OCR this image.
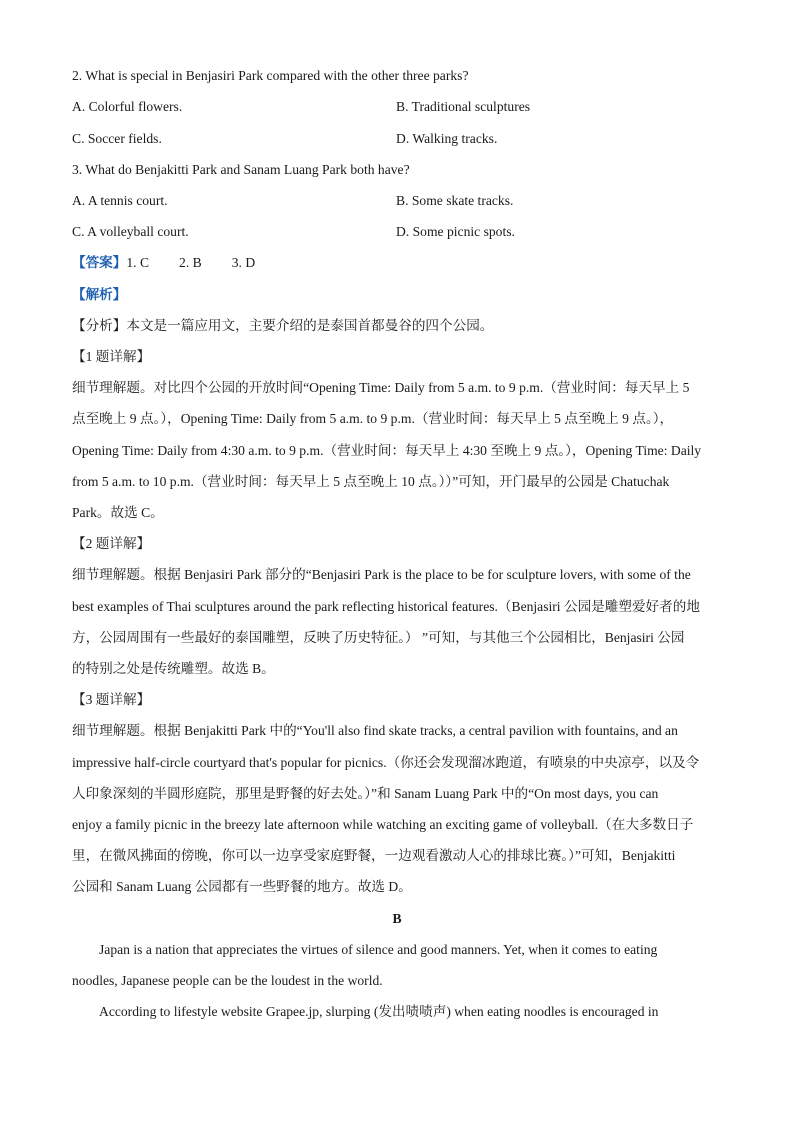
2. What is special in Benjasiri Park compared with the other three parks?
A. Colorful flowers.	B. Traditional sculptures
C. Soccer fields.	D. Walking tracks.
3. What do Benjakitti Park and Sanam Luang Park both have?
A. A tennis court.	B. Some skate tracks.
C. A volleyball court.	D. Some picnic spots.
【答案】1. C 2. B 3. D
【解析】
【分析】本文是一篇应用文，主要介绍的是泰国首都曼谷的四个公园。
【1 题详解】
细节理解题。对比四个公园的开放时间“Opening Time: Daily from 5 a.m. to 9 p.m.（营业时间：每天早上 5
点至晚上 9 点。），Opening Time: Daily from 5 a.m. to 9 p.m.（营业时间：每天早上 5 点至晚上 9 点。），
Opening Time: Daily from 4:30 a.m. to 9 p.m.（营业时间：每天早上 4:30 至晚上 9 点。），Opening Time: Daily
from 5 a.m. to 10 p.m.（营业时间：每天早上 5 点至晚上 10 点。））”可知，开门最早的公园是 Chatuchak
Park。故选 C。
【2 题详解】
细节理解题。根据 Benjasiri Park 部分的“Benjasiri Park is the place to be for sculpture lovers, with some of the
best examples of Thai sculptures around the park reflecting historical features.（Benjasiri 公园是雕塑爱好者的地
方，公园周围有一些最好的泰国雕塑，反映了历史特征。） ”可知，与其他三个公园相比，Benjasiri 公园
的特别之处是传统雕塑。故选 B。
【3 题详解】
细节理解题。根据 Benjakitti Park 中的“You'll also find skate tracks, a central pavilion with fountains, and an
impressive half-circle courtyard that's popular for picnics.（你还会发现溜冰跑道，有喷泉的中央凉亭，以及令
人印象深刻的半圆形庭院，那里是野餐的好去处。）”和 Sanam Luang Park 中的“On most days, you can
enjoy a family picnic in the breezy late afternoon while watching an exciting game of volleyball.（在大多数日子
里，在微风拂面的傍晚，你可以一边享受家庭野餐，一边观看激动人心的排球比赛。）”可知，Benjakitti
公园和 Sanam Luang 公园都有一些野餐的地方。故选 D。
B
Japan is a nation that appreciates the virtues of silence and good manners. Yet, when it comes to eating
noodles, Japanese people can be the loudest in the world.
According to lifestyle website Grapee.jp, slurping (发出啧啧声) when eating noodles is encouraged in
